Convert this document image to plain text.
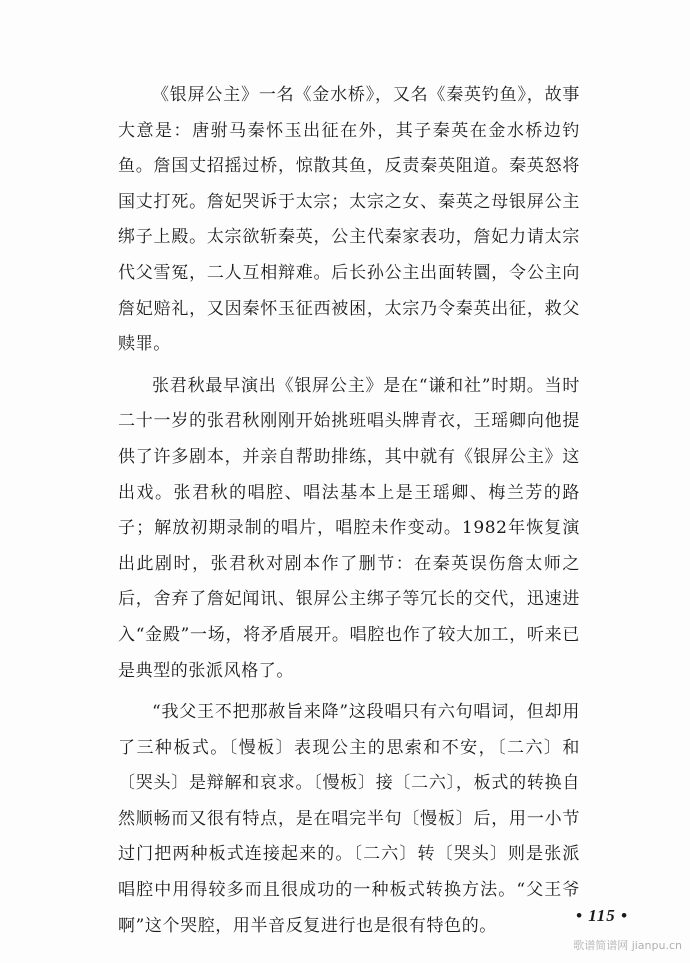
《银屏公主》一名《金水桥》，又名《秦英钓鱼》，故事大意是：唐驸马秦怀玉出征在外，其子秦英在金水桥边钓鱼。詹国丈招摇过桥，惊散其鱼，反责秦英阻道。秦英怒将国丈打死。詹妃哭诉于太宗；太宗之女、秦英之母银屏公主绑子上殿。太宗欲斩秦英，公主代秦家表功，詹妃力请太宗代父雪冤，二人互相辩难。后长孙公主出面转圜，令公主向詹妃赔礼，又因秦怀玉征西被困，太宗乃令秦英出征，救父赎罪。

张君秋最早演出《银屏公主》是在“谦和社”时期。当时二十一岁的张君秋刚刚开始挑班唱头牌青衣，王瑶卿向他提供了许多剧本，并亲自帮助排练，其中就有《银屏公主》这出戏。张君秋的唱腔、唱法基本上是王瑶卿、梅兰芳的路子；解放初期录制的唱片，唱腔未作变动。1982年恢复演出此剧时，张君秋对剧本作了删节：在秦英误伤詹太师之后，舍弃了詹妃闻讯、银屏公主绑子等冗长的交代，迅速进入“金殿”一场，将矛盾展开。唱腔也作了较大加工，听来已是典型的张派风格了。

“我父王不把那赦旨来降”这段唱只有六句唱词，但却用了三种板式。〔慢板〕表现公主的思索和不安，〔二六〕和〔哭头〕是辩解和哀求。〔慢板〕接〔二六〕，板式的转换自然顺畅而又很有特点，是在唱完半句〔慢板〕后，用一小节过门把两种板式连接起来的。〔二六〕转〔哭头〕则是张派唱腔中用得较多而且很成功的一种板式转换方法。“父王爷啊”这个哭腔，用半音反复进行也是很有特色的。

• 115 •
歌谱简谱网 jianpu.cn
